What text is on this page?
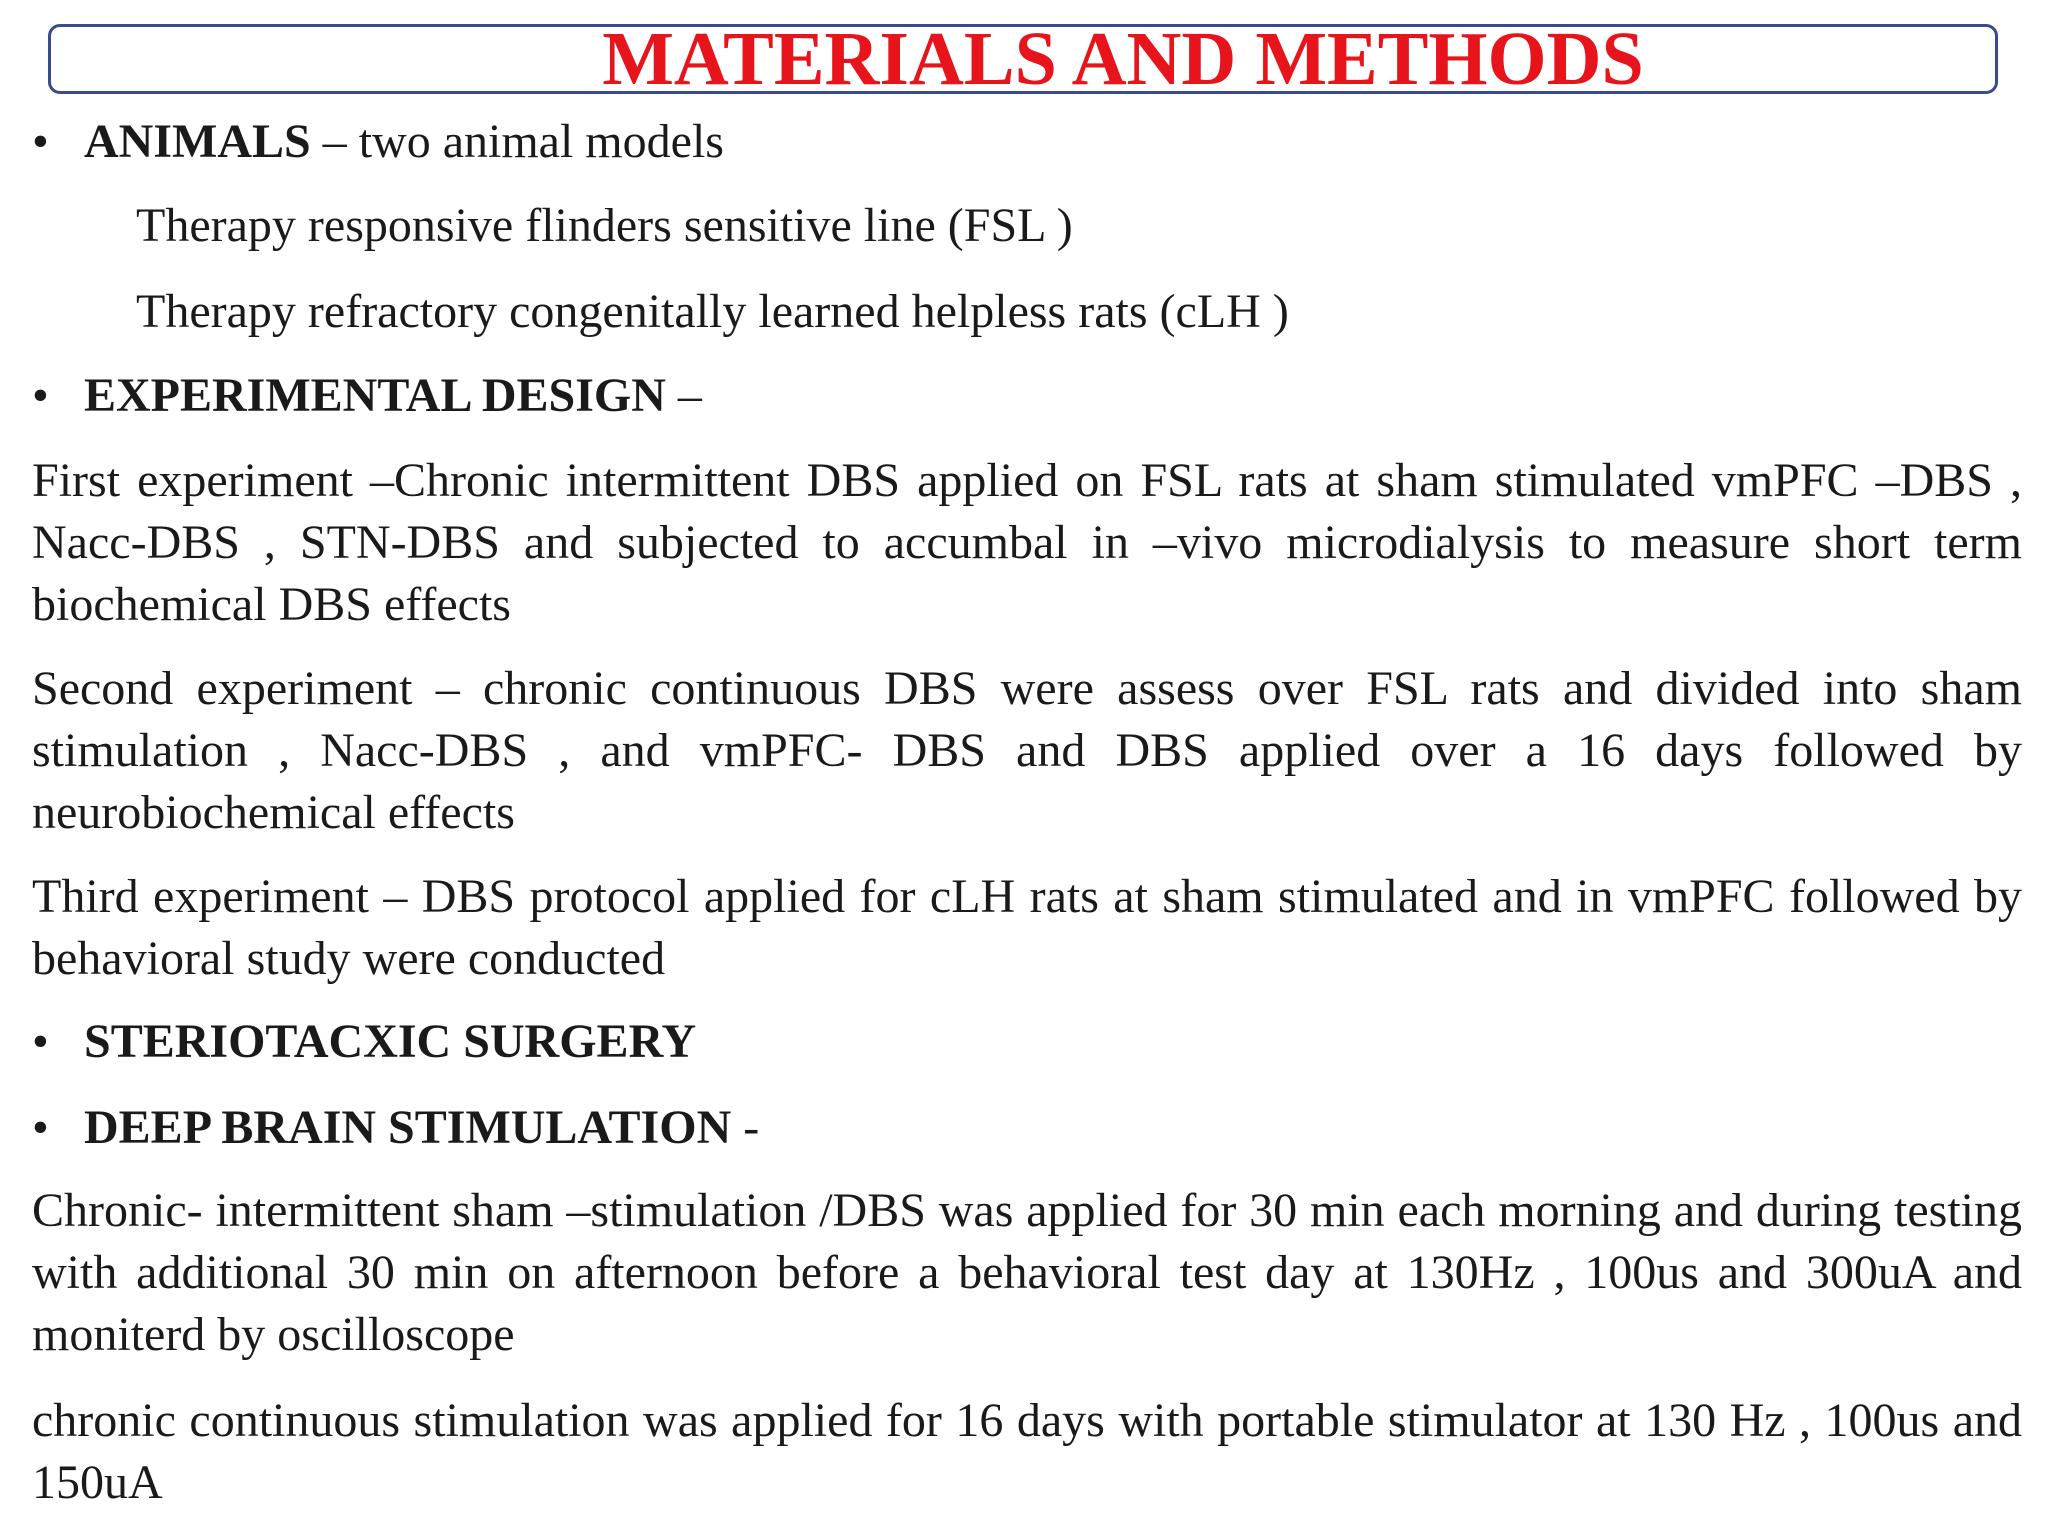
MATERIALS AND METHODS
• ANIMALS – two animal models
Therapy responsive flinders sensitive line (FSL )
Therapy refractory congenitally learned helpless rats (cLH )
• EXPERIMENTAL DESIGN –

First experiment –Chronic intermittent DBS applied on FSL rats at sham stimulated vmPFC –DBS , Nacc-DBS , STN-DBS and subjected to accumbal in –vivo microdialysis to measure short term biochemical DBS effects

Second experiment – chronic continuous DBS were assess over FSL rats and divided into sham stimulation , Nacc-DBS , and vmPFC- DBS and DBS applied over a 16 days followed by neurobiochemical effects

Third experiment – DBS protocol applied for cLH rats at sham stimulated and in vmPFC followed by behavioral study were conducted

• STERIOTACXIC SURGERY
• DEEP BRAIN STIMULATION -

Chronic- intermittent sham –stimulation /DBS was applied for 30 min each morning and during testing with additional 30 min on afternoon before a behavioral test day at 130Hz , 100us and 300uA and moniterd by oscilloscope

chronic continuous stimulation was applied for 16 days with portable stimulator at 130 Hz , 100us and 150uA
